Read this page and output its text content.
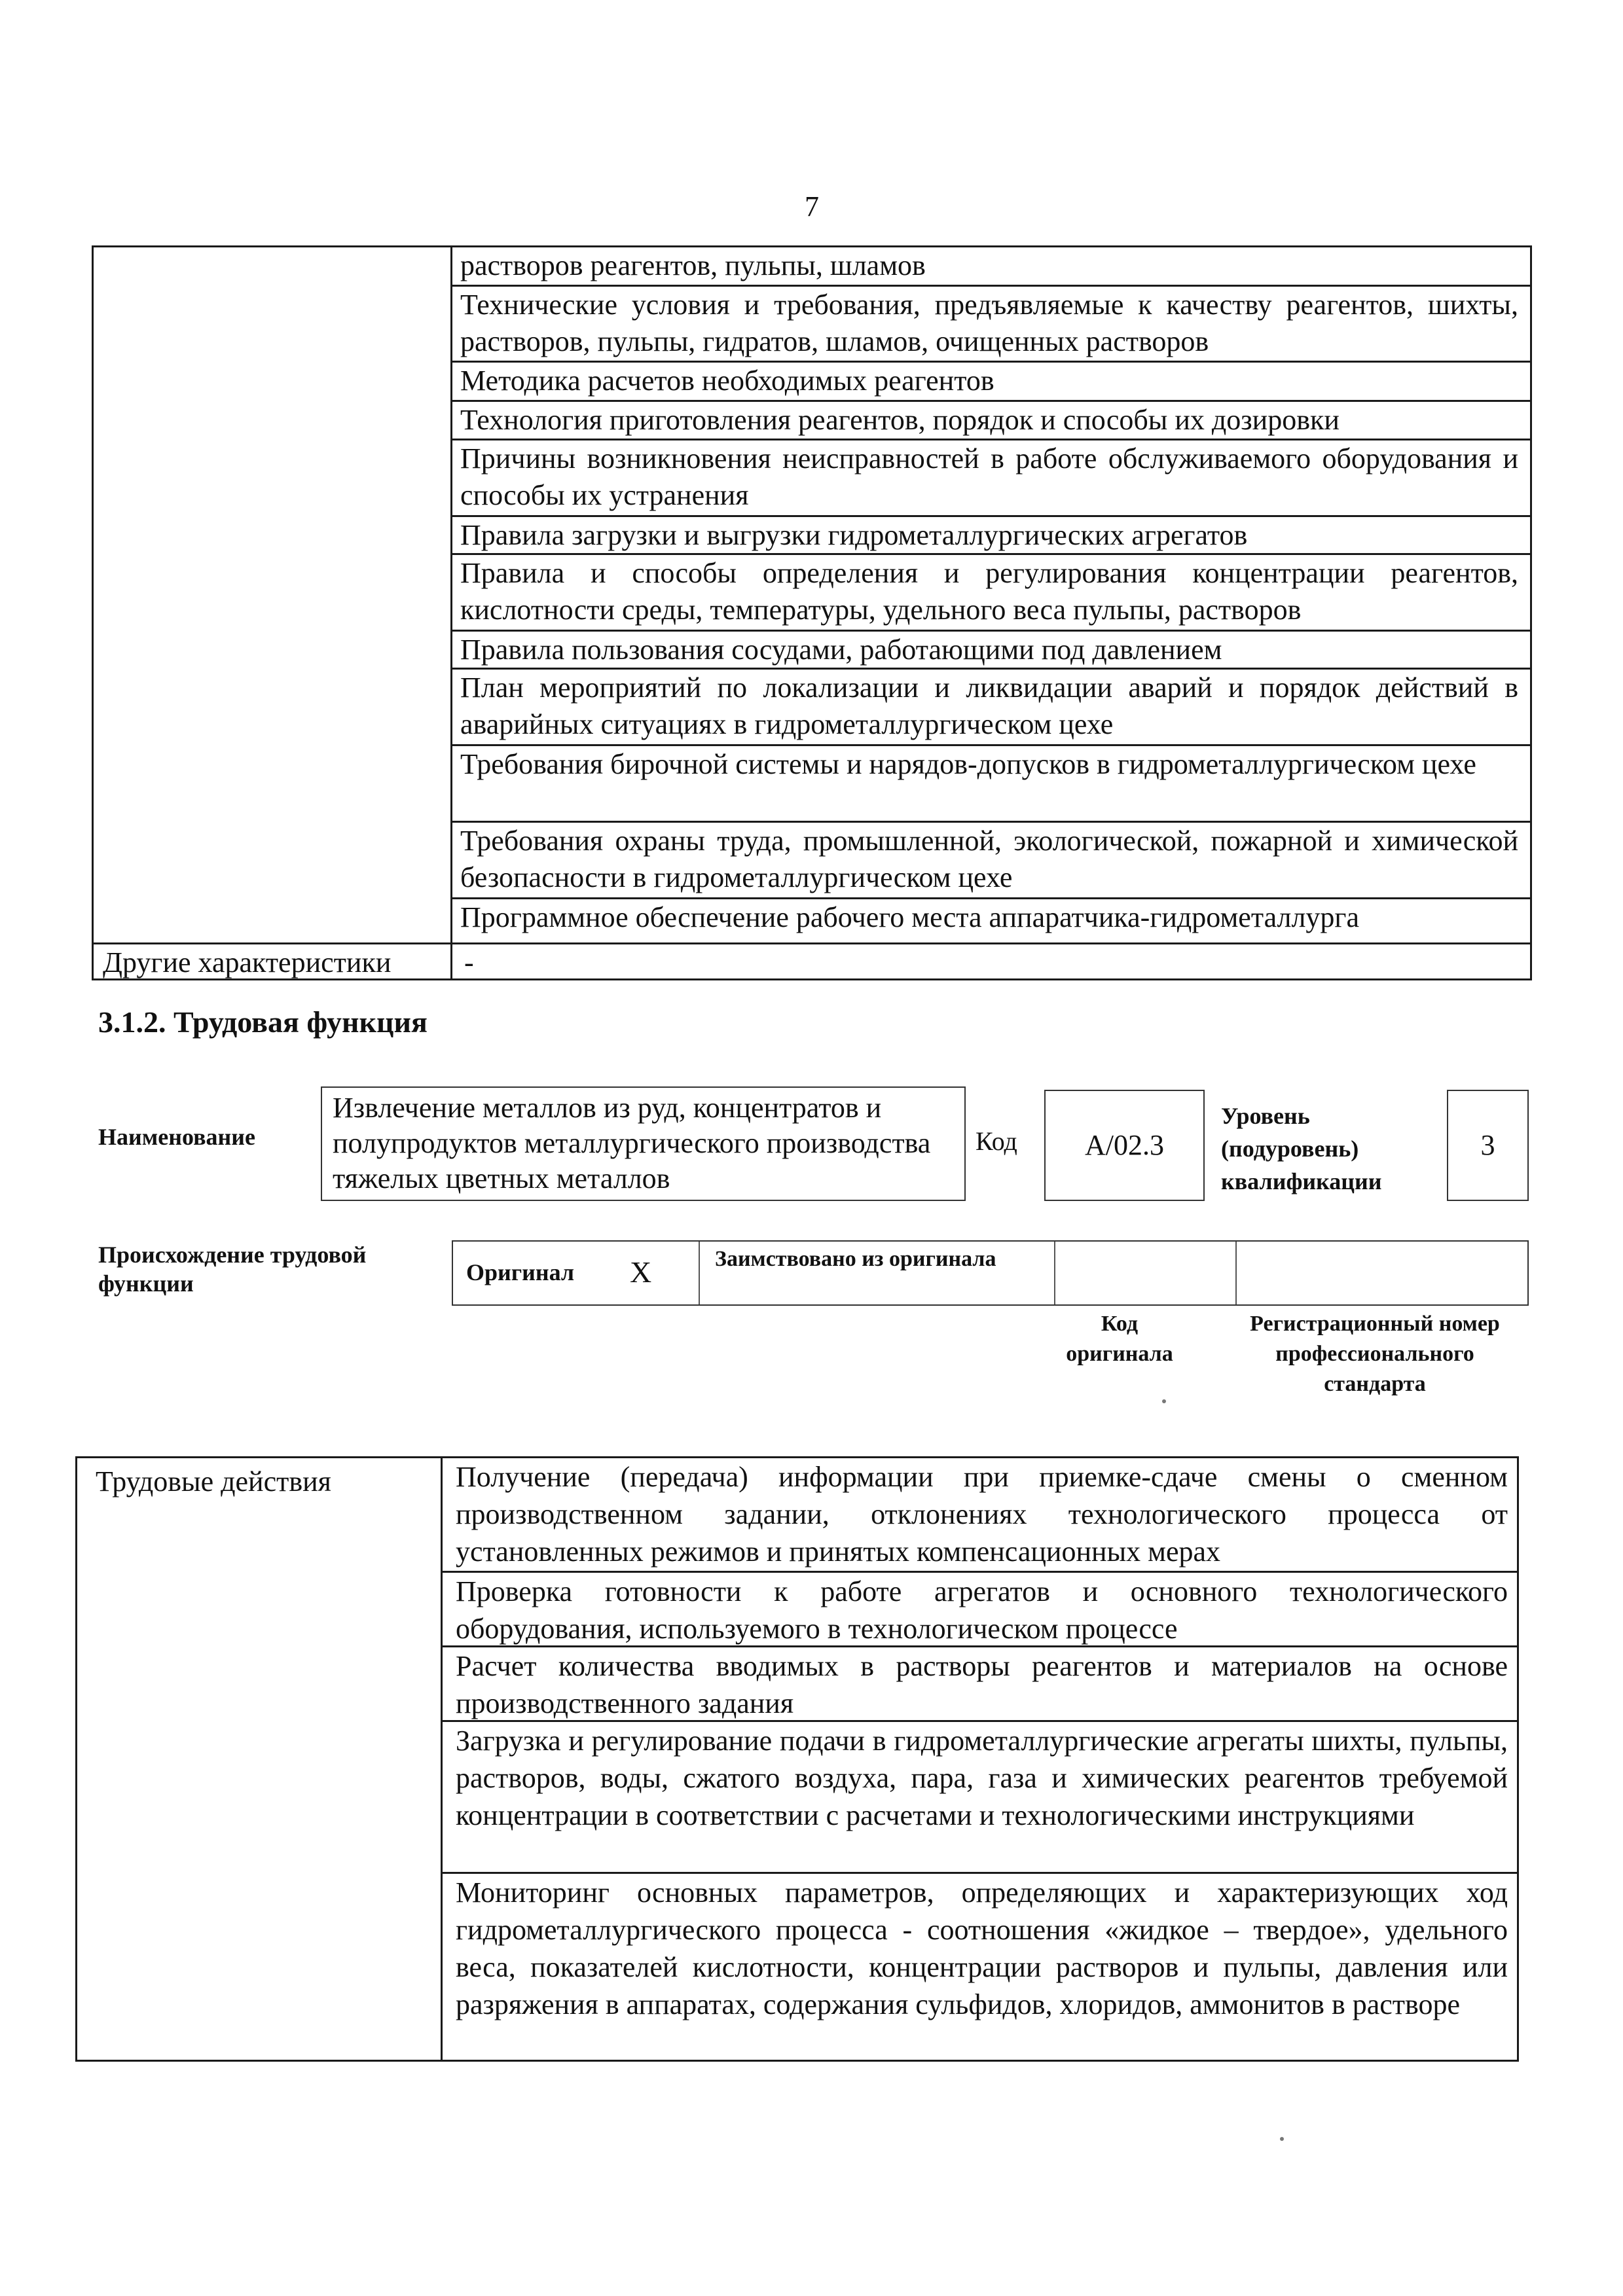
7
растворов реагентов, пульпы, шламов
Технические условия и требования, предъявляемые к качеству реагентов, шихты, растворов, пульпы, гидратов, шламов, очищенных растворов
Методика расчетов необходимых реагентов
Технология приготовления реагентов, порядок и способы их дозировки
Причины возникновения неисправностей в работе обслуживаемого оборудования и способы их устранения
Правила загрузки и выгрузки гидрометаллургических агрегатов
Правила и способы определения и регулирования концентрации реагентов, кислотности среды, температуры, удельного веса пульпы, растворов
Правила пользования сосудами, работающими под давлением
План мероприятий по локализации и ликвидации аварий и порядок действий в аварийных ситуациях в гидрометаллургическом цехе
Требования бирочной системы и нарядов-допусков в гидрометаллургическом цехе
Требования охраны труда, промышленной, экологической, пожарной и химической безопасности в гидрометаллургическом цехе
Программное обеспечение рабочего места аппаратчика-гидрометаллурга
Другие характеристики	-
3.1.2. Трудовая функция
Наименование
Извлечение металлов из руд, концентратов и полупродуктов металлургического производства тяжелых цветных металлов
Код	А/02.3
Уровень (подуровень) квалификации
3
Происхождение трудовой функции	Оригинал X	Заимствовано из оригинала
Код оригинала
Регистрационный номер профессионального стандарта
Трудовые действия	Получение (передача) информации при приемке-сдаче смены о сменном производственном задании, отклонениях технологического процесса от установленных режимов и принятых компенсационных мерах
Проверка готовности к работе агрегатов и основного технологического оборудования, используемого в технологическом процессе
Расчет количества вводимых в растворы реагентов и материалов на основе производственного задания
Загрузка и регулирование подачи в гидрометаллургические агрегаты шихты, пульпы, растворов, воды, сжатого воздуха, пара, газа и химических реагентов требуемой концентрации в соответствии с расчетами и технологическими инструкциями
Мониторинг основных параметров, определяющих и характеризующих ход гидрометаллургического процесса - соотношения «жидкое – твердое», удельного веса, показателей кислотности, концентрации растворов и пульпы, давления или разряжения в аппаратах, содержания сульфидов, хлоридов, аммонитов в растворе
